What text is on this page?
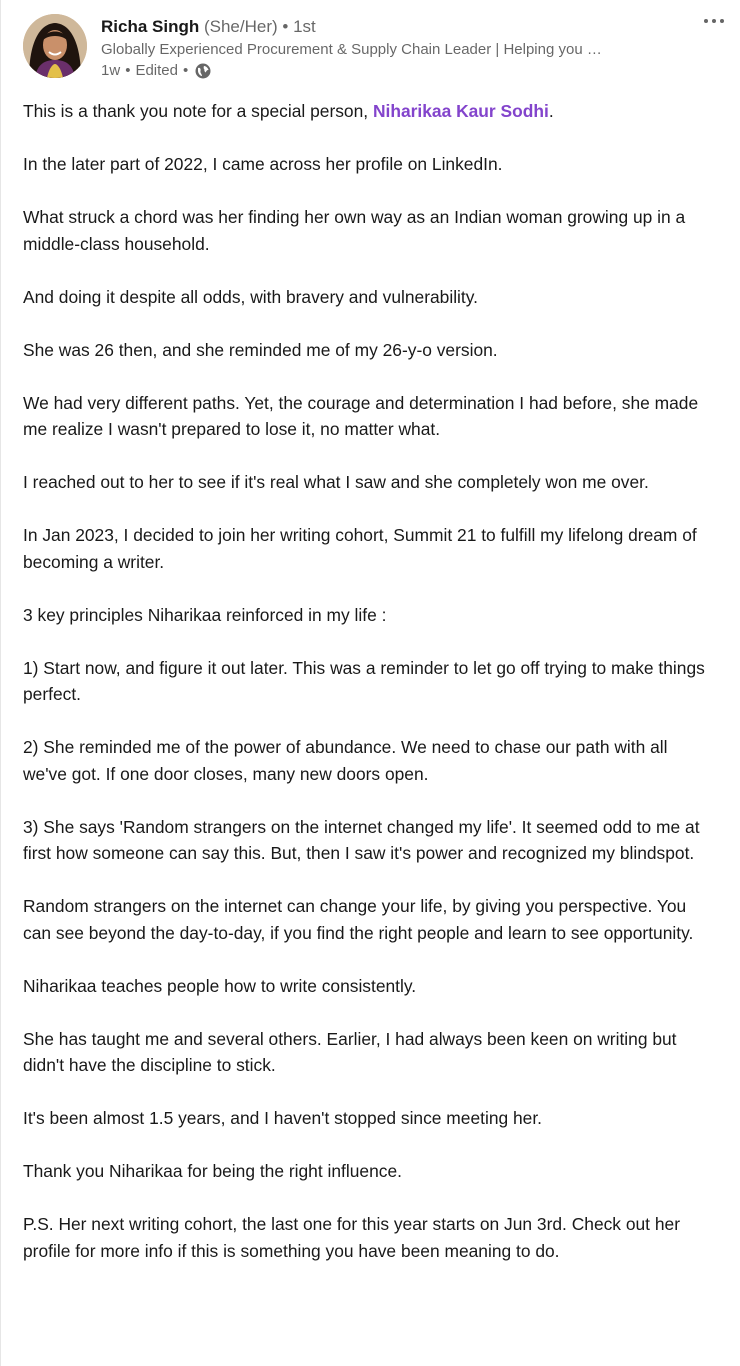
Richa Singh (She/Her) • 1st
Globally Experienced Procurement & Supply Chain Leader | Helping you …
1w • Edited •

This is a thank you note for a special person, Niharikaa Kaur Sodhi.

In the later part of 2022, I came across her profile on LinkedIn.

What struck a chord was her finding her own way as an Indian woman growing up in a middle-class household.

And doing it despite all odds, with bravery and vulnerability.

She was 26 then, and she reminded me of my 26-y-o version.

We had very different paths. Yet, the courage and determination I had before, she made me realize I wasn't prepared to lose it, no matter what.

I reached out to her to see if it's real what I saw and she completely won me over.

In Jan 2023, I decided to join her writing cohort, Summit 21 to fulfill my lifelong dream of becoming a writer.

3 key principles Niharikaa reinforced in my life :

1) Start now, and figure it out later. This was a reminder to let go off trying to make things perfect.

2) She reminded me of the power of abundance. We need to chase our path with all we've got. If one door closes, many new doors open.

3) She says 'Random strangers on the internet changed my life'. It seemed odd to me at first how someone can say this. But, then I saw it's power and recognized my blindspot.

Random strangers on the internet can change your life, by giving you perspective. You can see beyond the day-to-day, if you find the right people and learn to see opportunity.

Niharikaa teaches people how to write consistently.

She has taught me and several others. Earlier, I had always been keen on writing but didn't have the discipline to stick.

It's been almost 1.5 years, and I haven't stopped since meeting her.

Thank you Niharikaa for being the right influence.

P.S. Her next writing cohort, the last one for this year starts on Jun 3rd. Check out her profile for more info if this is something you have been meaning to do.
